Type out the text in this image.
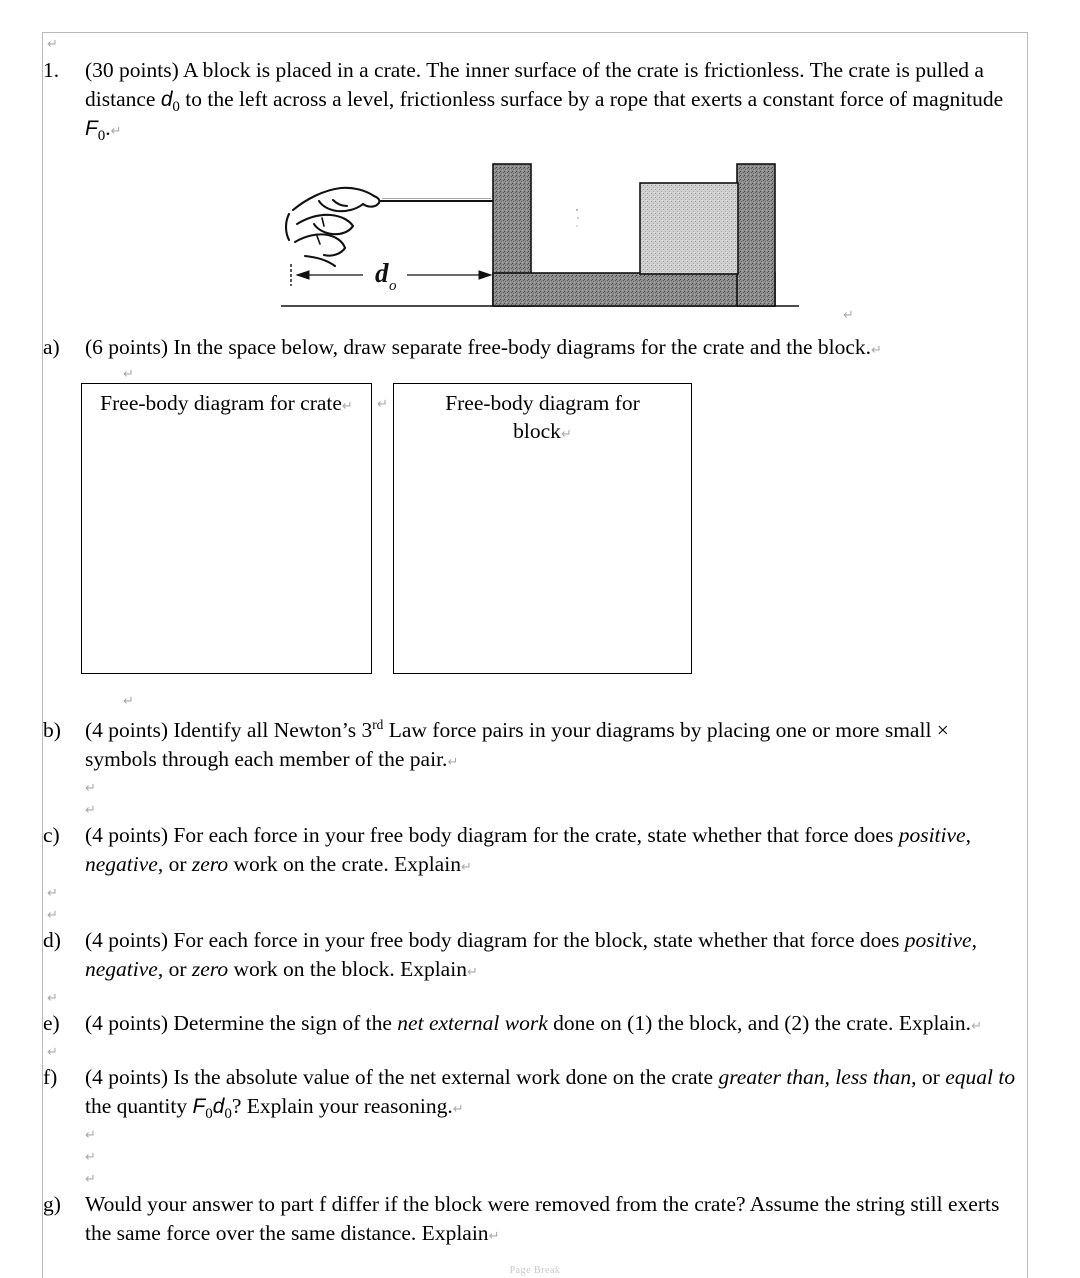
↵
1.	(30 points) A block is placed in a crate. The inner surface of the crate is frictionless. The crate is pulled a distance $d_0$ to the left across a level, frictionless surface by a rope that exerts a constant force of magnitude $F_0.↵$
d o
↵
a)	(6 points) In the space below, draw separate free-body diagrams for the crate and the block.↵
↵
Free-body diagram for crate↵	↵	Free-body diagram for
block↵
↵
b)	(4 points) Identify all Newton’s 3rd Law force pairs in your diagrams by placing one or more small × symbols through each member of the pair.↵
↵
↵
c)	(4 points) For each force in your free body diagram for the crate, state whether that force does positive, negative, or zero work on the crate. Explain↵
↵
↵
d)	(4 points) For each force in your free body diagram for the block, state whether that force does positive, negative, or zero work on the block. Explain↵
↵
e)	(4 points) Determine the sign of the net external work done on (1) the block, and (2) the crate. Explain.↵
↵
f)	(4 points) Is the absolute value of the net external work done on the crate greater than, less than, or equal to the quantity $F_0d_0$? Explain your reasoning.↵
↵
↵
↵
g)	Would your answer to part f differ if the block were removed from the crate? Assume the string still exerts the same force over the same distance. Explain↵
Page Break
